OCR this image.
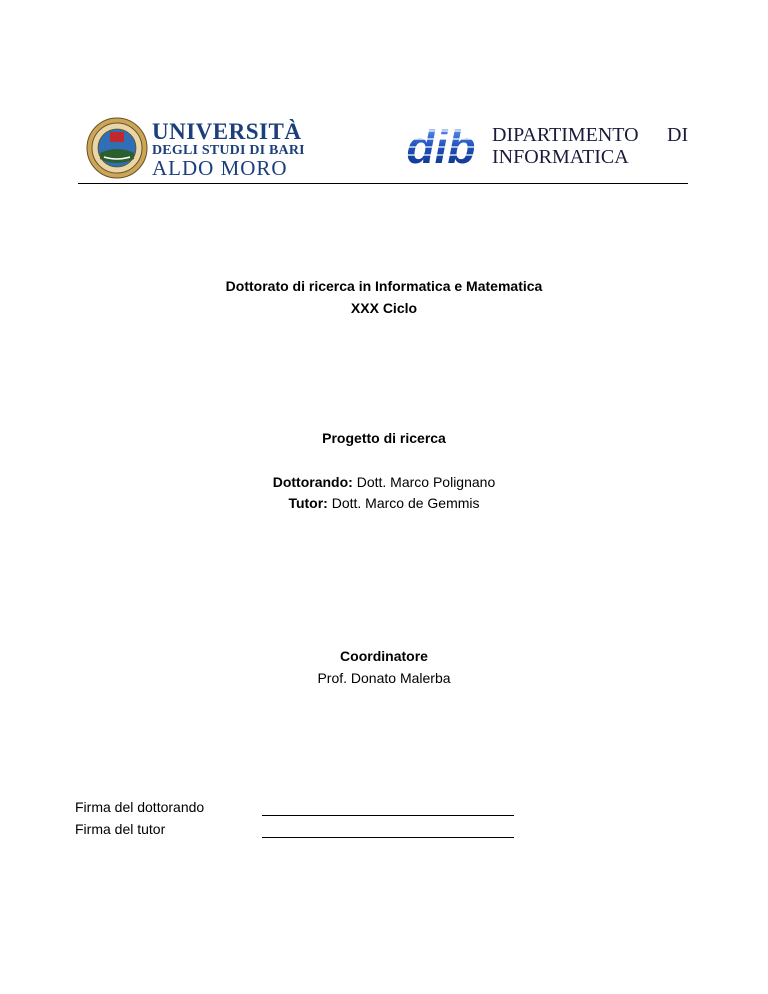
UNIVERSITÀ
DEGLI STUDI DI BARI
ALDO MORO	dib DIPARTIMENTO
INFORMATICA
DI
Dottorato di ricerca in Informatica e Matematica
XXX Ciclo
Progetto di ricerca
Dottorando: Dott. Marco Polignano
Tutor: Dott. Marco de Gemmis
Coordinatore
Prof. Donato Malerba
Firma del dottorando
Firma del tutor
